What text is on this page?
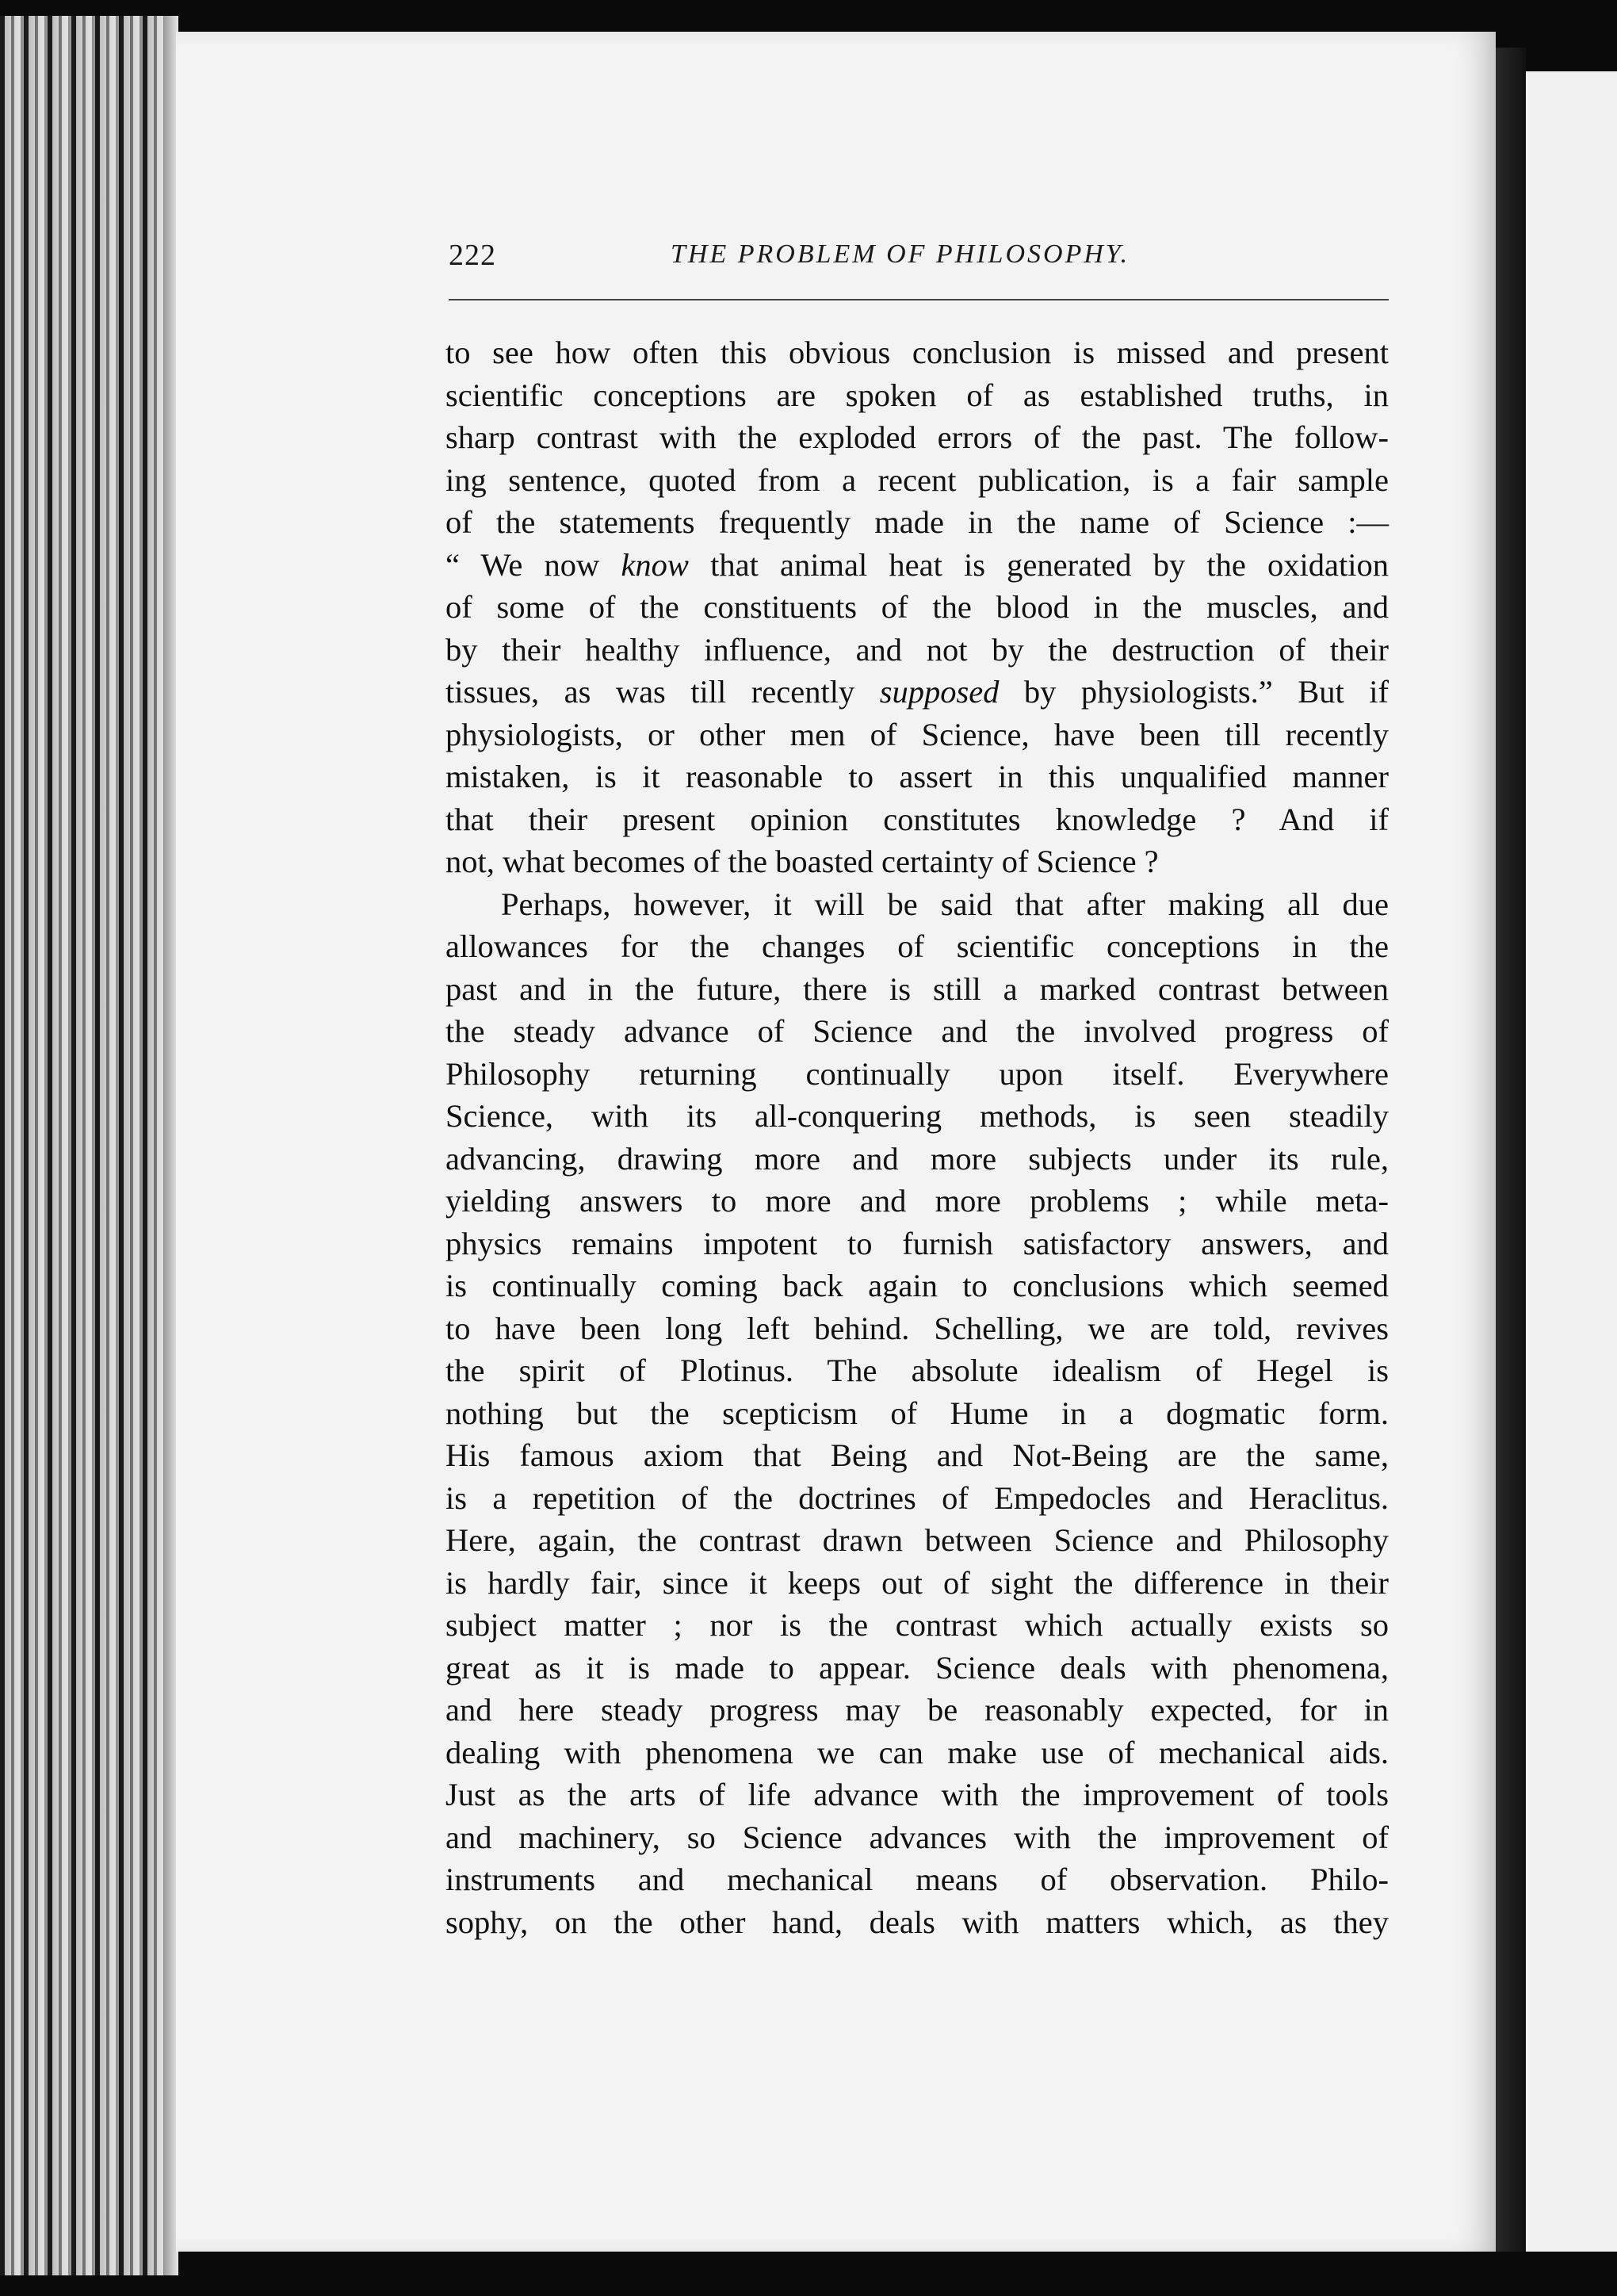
222	THE PROBLEM OF PHILOSOPHY.
to see how often this obvious conclusion is missed and present
scientific conceptions are spoken of as established truths, in
sharp contrast with the exploded errors of the past. The follow-
ing sentence, quoted from a recent publication, is a fair sample
of the statements frequently made in the name of Science :—
“ We now know that animal heat is generated by the oxidation
of some of the constituents of the blood in the muscles, and
by their healthy influence, and not by the destruction of their
tissues, as was till recently supposed by physiologists.” But if
physiologists, or other men of Science, have been till recently
mistaken, is it reasonable to assert in this unqualified manner
that their present opinion constitutes knowledge ? And if
not, what becomes of the boasted certainty of Science ?
Perhaps, however, it will be said that after making all due
allowances for the changes of scientific conceptions in the
past and in the future, there is still a marked contrast between
the steady advance of Science and the involved progress of
Philosophy returning continually upon itself. Everywhere
Science, with its all-conquering methods, is seen steadily
advancing, drawing more and more subjects under its rule,
yielding answers to more and more problems ; while meta-
physics remains impotent to furnish satisfactory answers, and
is continually coming back again to conclusions which seemed
to have been long left behind. Schelling, we are told, revives
the spirit of Plotinus. The absolute idealism of Hegel is
nothing but the scepticism of Hume in a dogmatic form.
His famous axiom that Being and Not-Being are the same,
is a repetition of the doctrines of Empedocles and Heraclitus.
Here, again, the contrast drawn between Science and Philosophy
is hardly fair, since it keeps out of sight the difference in their
subject matter ; nor is the contrast which actually exists so
great as it is made to appear. Science deals with phenomena,
and here steady progress may be reasonably expected, for in
dealing with phenomena we can make use of mechanical aids.
Just as the arts of life advance with the improvement of tools
and machinery, so Science advances with the improvement of
instruments and mechanical means of observation. Philo-
sophy, on the other hand, deals with matters which, as they
